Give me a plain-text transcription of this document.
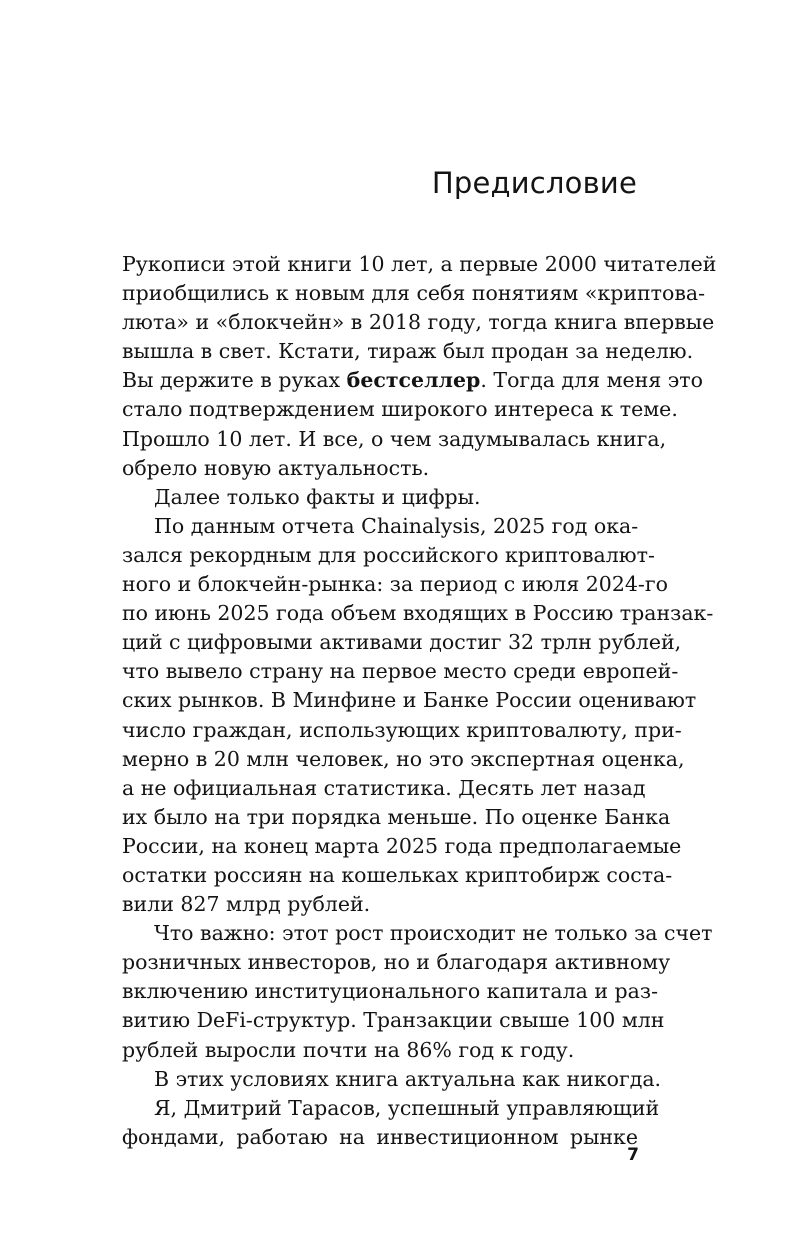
Предисловие
Рукописи этой книги 10 лет, а первые 2000 читателей
приобщились к новым для себя понятиям «криптова-
люта» и «блокчейн» в 2018 году, тогда книга впервые
вышла в свет. Кстати, тираж был продан за неделю.
Вы держите в руках бестселлер. Тогда для меня это
стало подтверждением широкого интереса к теме.
Прошло 10 лет. И все, о чем задумывалась книга,
обрело новую актуальность.
Далее только факты и цифры.
По данным отчета Chainalysis, 2025 год ока-
зался рекордным для российского криптовалют-
ного и блокчейн-рынка: за период с июля 2024-го
по июнь 2025 года объем входящих в Россию транзак-
ций с цифровыми активами достиг 32 трлн рублей,
что вывело страну на первое место среди европей-
ских рынков. В Минфине и Банке России оценивают
число граждан, использующих криптовалюту, при-
мерно в 20 млн человек, но это экспертная оценка,
а не официальная статистика. Десять лет назад
их было на три порядка меньше. По оценке Банка
России, на конец марта 2025 года предполагаемые
остатки россиян на кошельках криптобирж соста-
вили 827 млрд рублей.
Что важно: этот рост происходит не только за счет
розничных инвесторов, но и благодаря активному
включению институционального капитала и раз-
витию DeFi-структур. Транзакции свыше 100 млн
рублей выросли почти на 86% год к году.
В этих условиях книга актуальна как никогда.
Я, Дмитрий Тарасов, успешный управляющий
фондами, работаю на инвестиционном рынке
7
